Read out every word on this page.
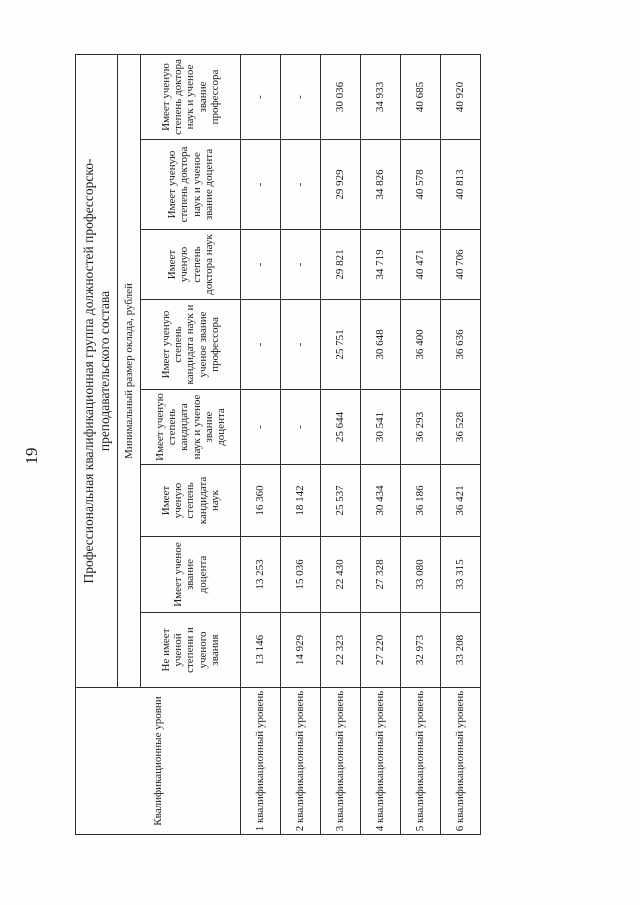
19
Квалификационные уровни	Профессиональная квалификационная группа должностей профессорско-преподавательского состава							
	Минимальный размер оклада, рублей							
	Не имеет ученой степени и ученого звания	Имеет ученое звание доцента	Имеет ученую степень кандидата наук	Имеет ученую степень кандидата наук и ученое звание доцента	Имеет ученую степень кандидата наук и ученое звание профессора	Имеет ученую степень доктора наук	Имеет ученую степень доктора наук и ученое звание доцента	Имеет ученую степень доктора наук и ученое звание профессора
1 квалификационный уровень	13 146	13 253	16 360	-	-	-	-	-
2 квалификационный уровень	14 929	15 036	18 142	-	-	-	-	-
3 квалификационный уровень	22 323	22 430	25 537	25 644	25 751	29 821	29 929	30 036
4 квалификационный уровень	27 220	27 328	30 434	30 541	30 648	34 719	34 826	34 933
5 квалификационный уровень	32 973	33 080	36 186	36 293	36 400	40 471	40 578	40 685
6 квалификационный уровень	33 208	33 315	36 421	36 528	36 636	40 706	40 813	40 920
